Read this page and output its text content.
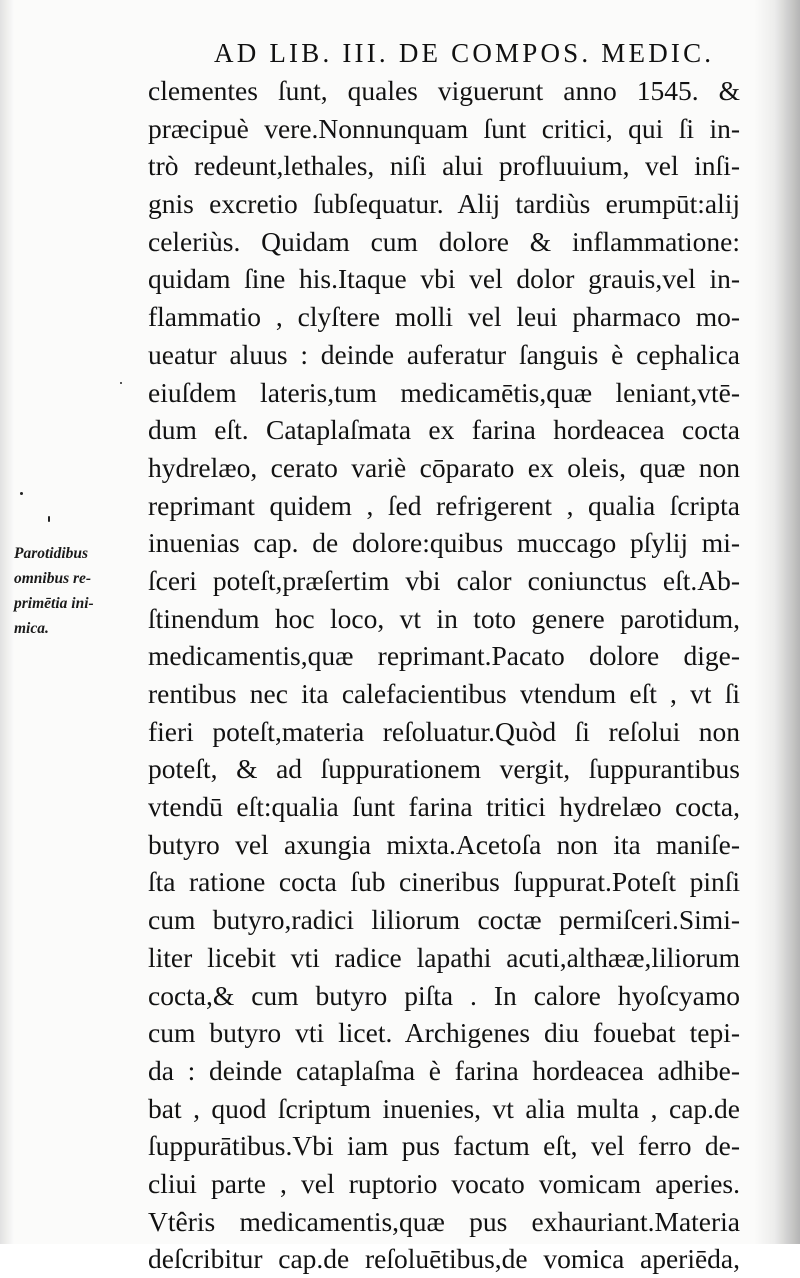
AD LIB. III. DE COMPOS. MEDIC.
Parotidibus
omnibus re-
primētia ini-
mica.
clementes ſunt, quales viguerunt anno 1545. &
præcipuè vere.Nonnunquam ſunt critici, qui ſi in-
trò redeunt,lethales, niſi alui profluuium, vel inſi-
gnis excretio ſubſequatur. Alij tardiùs erumpūt:alij
celeriùs. Quidam cum dolore & inflammatione:
quidam ſine his.Itaque vbi vel dolor grauis,vel in-
flammatio , clyſtere molli vel leui pharmaco mo-
ueatur aluus : deinde auferatur ſanguis è cephalica
eiuſdem lateris,tum medicamētis,quæ leniant,vtē-
dum eſt. Cataplaſmata ex farina hordeacea cocta
hydrelæo, cerato variè cōparato ex oleis, quæ non
reprimant quidem , ſed refrigerent , qualia ſcripta
inuenias cap. de dolore:quibus muccago pſylij mi-
ſceri poteſt,præſertim vbi calor coniunctus eſt.Ab-
ſtinendum hoc loco, vt in toto genere parotidum,
medicamentis,quæ reprimant.Pacato dolore dige-
rentibus nec ita calefacientibus vtendum eſt , vt ſi
fieri poteſt,materia reſoluatur.Quòd ſi reſolui non
poteſt, & ad ſuppurationem vergit, ſuppurantibus
vtendū eſt:qualia ſunt farina tritici hydrelæo cocta,
butyro vel axungia mixta.Acetoſa non ita maniſe-
ſta ratione cocta ſub cineribus ſuppurat.Poteſt pinſi
cum butyro,radici liliorum coctæ permiſceri.Simi-
liter licebit vti radice lapathi acuti,althææ,liliorum
cocta,& cum butyro piſta . In calore hyoſcyamo
cum butyro vti licet. Archigenes diu fouebat tepi-
da : deinde cataplaſma è farina hordeacea adhibe-
bat , quod ſcriptum inuenies, vt alia multa , cap.de
ſuppurātibus.Vbi iam pus factum eſt, vel ferro de-
cliui parte , vel ruptorio vocato vomicam aperies.
Vtêris medicamentis,quæ pus exhauriant.Materia
deſcribitur cap.de reſoluētibus,de vomica aperiēda,
